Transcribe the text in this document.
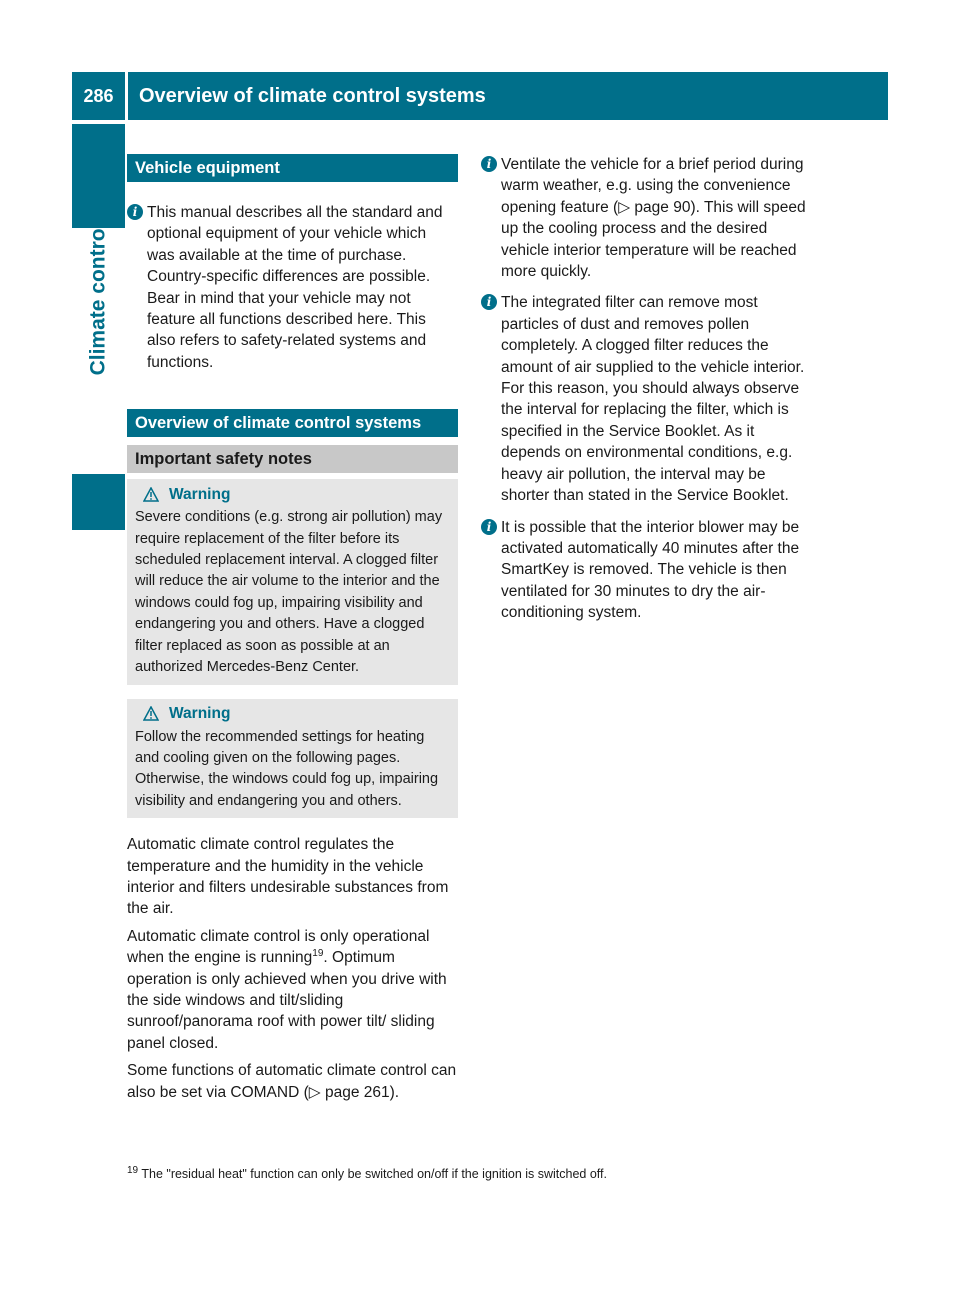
286	Overview of climate control systems
Climate control
Vehicle equipment
i This manual describes all the standard and optional equipment of your vehicle which was available at the time of purchase. Country-specific differences are possible. Bear in mind that your vehicle may not feature all functions described here. This also refers to safety-related systems and functions.

Overview of climate control systems
Important safety notes
Warning
Severe conditions (e.g. strong air pollution) may require replacement of the filter before its scheduled replacement interval. A clogged filter will reduce the air volume to the interior and the windows could fog up, impairing visibility and endangering you and others. Have a clogged filter replaced as soon as possible at an authorized Mercedes-Benz Center.
Warning
Follow the recommended settings for heating and cooling given on the following pages. Otherwise, the windows could fog up, impairing visibility and endangering you and others.

Automatic climate control regulates the temperature and the humidity in the vehicle interior and filters undesirable substances from the air.

Automatic climate control is only operational when the engine is running$^{19}$. Optimum operation is only achieved when you drive with the side windows and tilt/sliding sunroof/panorama roof with power tilt/ sliding panel closed.

Some functions of automatic climate control can also be set via COMAND (▷ page 261).

i Ventilate the vehicle for a brief period during warm weather, e.g. using the convenience opening feature (▷ page 90). This will speed up the cooling process and the desired vehicle interior temperature will be reached more quickly.

i The integrated filter can remove most particles of dust and removes pollen completely. A clogged filter reduces the amount of air supplied to the vehicle interior. For this reason, you should always observe the interval for replacing the filter, which is specified in the Service Booklet. As it depends on environmental conditions, e.g. heavy air pollution, the interval may be shorter than stated in the Service Booklet.

i It is possible that the interior blower may be activated automatically 40 minutes after the SmartKey is removed. The vehicle is then ventilated for 30 minutes to dry the air-conditioning system.

$^{19}$ The "residual heat" function can only be switched on/off if the ignition is switched off.
